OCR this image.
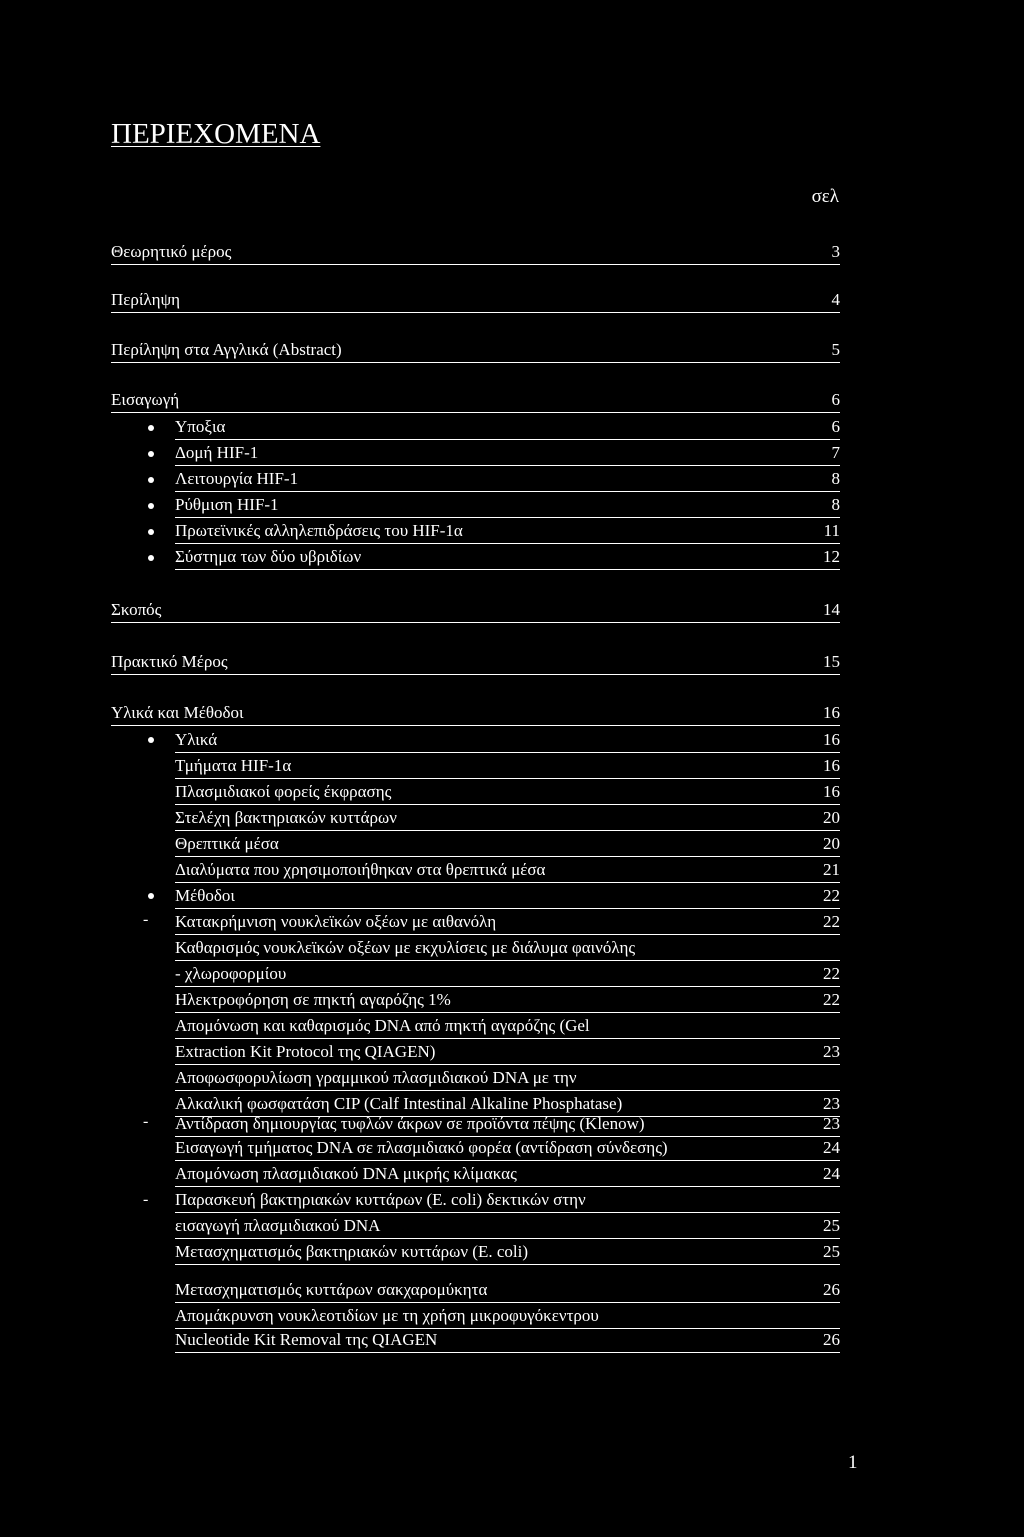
ΠΕΡΙΕΧΟΜΕΝΑ
σελ
Θεωρητικό μέρος	3
Περίληψη	4
Περίληψη στα Αγγλικά (Abstract)	5
Εισαγωγή	6
Υποξια	6
Δομή HIF-1	7
Λειτουργία HIF-1	8
Ρύθμιση HIF-1	8
Πρωτεϊνικές αλληλεπιδράσεις του HIF-1α	11
Σύστημα των δύο υβριδίων	12
Σκοπός	14
Πρακτικό Μέρος	15
Υλικά και Μέθοδοι	16
Υλικά	16
Τμήματα HIF-1α	16
Πλασμιδιακοί φορείς έκφρασης	16
Στελέχη βακτηριακών κυττάρων	20
Θρεπτικά μέσα	20
Διαλύματα που χρησιμοποιήθηκαν στα θρεπτικά μέσα	21
Μέθοδοι	22
- Κατακρήμνιση νουκλεϊκών οξέων με αιθανόλη	22
Καθαρισμός νουκλεϊκών οξέων με εκχυλίσεις με διάλυμα φαινόλης
- χλωροφορμίου	22
Ηλεκτροφόρηση σε πηκτή αγαρόζης 1%	22
Απομόνωση και καθαρισμός DNA από πηκτή αγαρόζης (Gel
Extraction Kit Protocol της QIAGEN)	23
Αποφωσφορυλίωση γραμμικού πλασμιδιακού DNA με την
Αλκαλική φωσφατάση CIP (Calf Intestinal Alkaline Phosphatase)	23
- Αντίδραση δημιουργίας τυφλών άκρων σε προϊόντα πέψης (Klenow)	23
Εισαγωγή τμήματος DNA σε πλασμιδιακό φορέα (αντίδραση σύνδεσης)	24
Απομόνωση πλασμιδιακού DNA μικρής κλίμακας	24
- Παρασκευή βακτηριακών κυττάρων (E. coli) δεκτικών στην
εισαγωγή πλασμιδιακού DNA	25
Μετασχηματισμός βακτηριακών κυττάρων (E. coli)	25
Μετασχηματισμός κυττάρων σακχαρομύκητα	26
Απομάκρυνση νουκλεοτιδίων με τη χρήση μικροφυγόκεντρου
Nucleotide Kit Removal της QIAGEN	26
1
